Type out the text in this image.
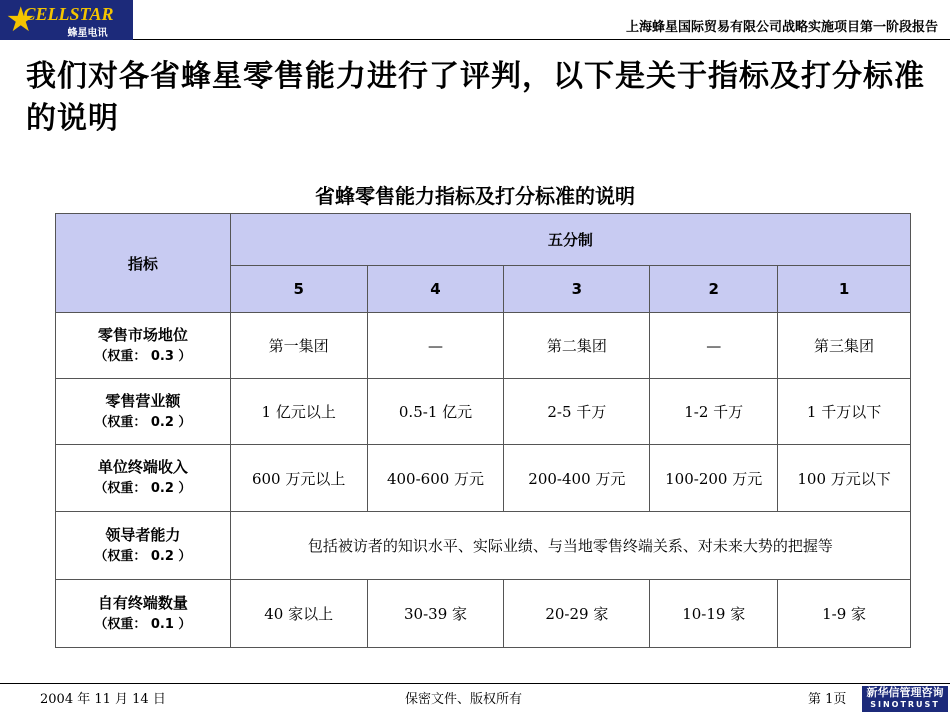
★
CELLSTAR
蜂星电讯	上海蜂星国际贸易有限公司战略实施项目第一阶段报告
我们对各省蜂星零售能力进行了评判，以下是关于指标及打分标准的说明
省蜂零售能力指标及打分标准的说明
指标	五分制				
	5	4	3	2	1

零售市场地位
（权重： 0.3 ）	第一集团	—	第二集团	—	第三集团

零售营业额
（权重： 0.2 ）	1 亿元以上	0.5-1 亿元	2-5 千万	1-2 千万	1 千万以下

单位终端收入
（权重： 0.2 ）	600 万元以上	400-600 万元	200-400 万元	100-200 万元	100 万元以下

领导者能力
（权重： 0.2 ）	包括被访者的知识水平、实际业绩、与当地零售终端关系、对未来大势的把握等				

自有终端数量
（权重： 0.1 ）	40 家以上	30-39 家	20-29 家	10-19 家	1-9 家
2004 年 11 月 14 日	保密文件、版权所有	第 1页	新华信管理咨询
SINOTRUST
